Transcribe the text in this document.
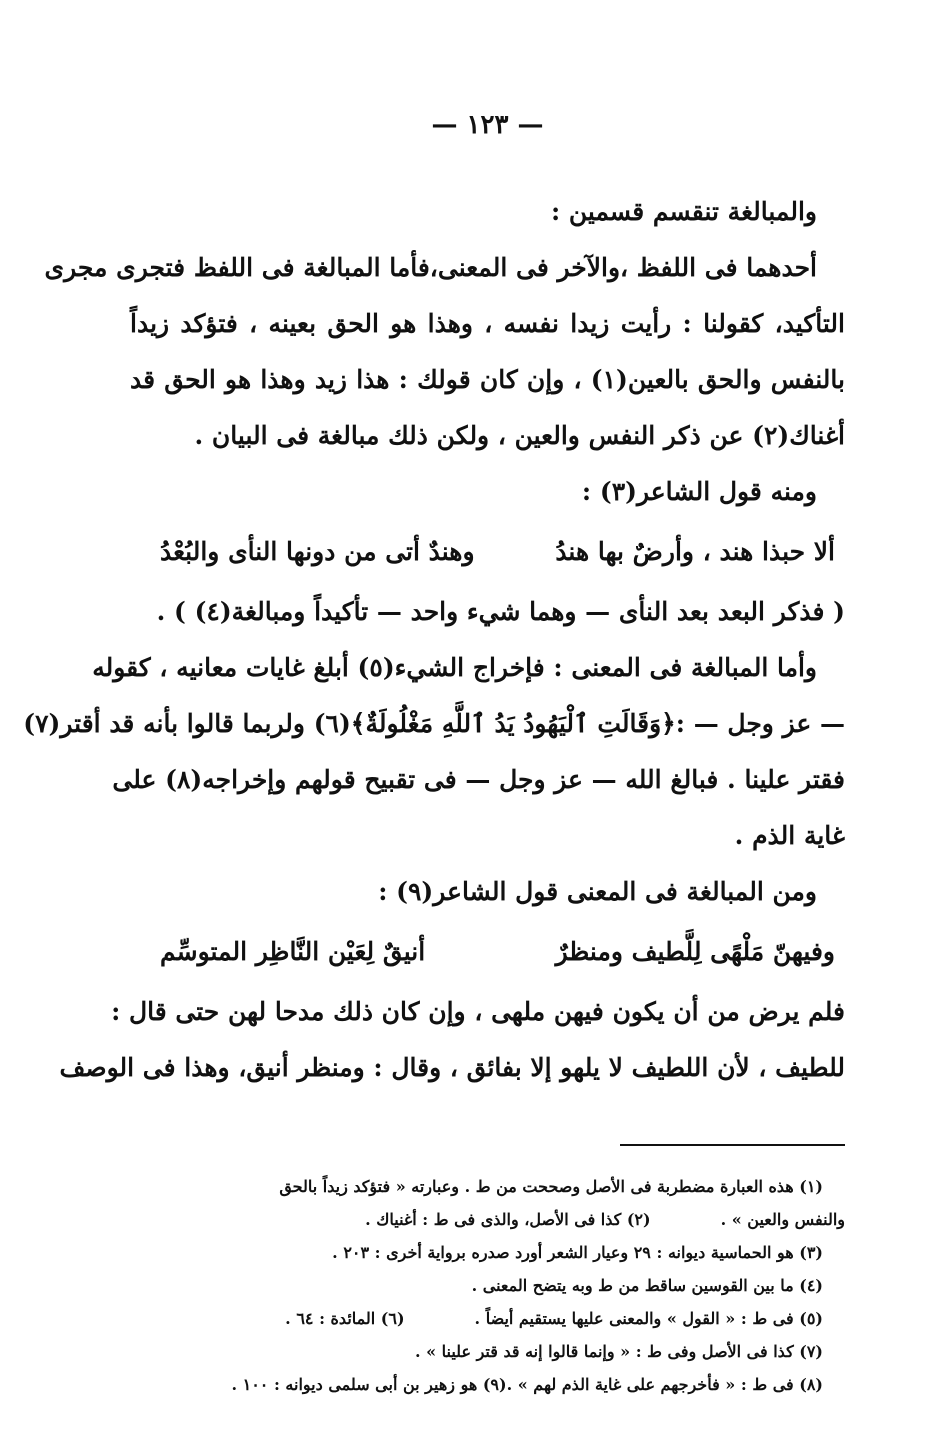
— ١٢٣ —
والمبالغة تنقسم قسمين :
أحدهما فى اللفظ ،والآخر فى المعنى،فأما المبالغة فى اللفظ فتجرى مجرى
التأكيد، كقولنا : رأيت زيدا نفسه ، وهذا هو الحق بعينه ، فتؤكد زيداً
بالنفس والحق بالعين(١) ، وإن كان قولك : هذا زيد وهذا هو الحق قد
أغناك(٢) عن ذكر النفس والعين ، ولكن ذلك مبالغة فى البيان .
ومنه قول الشاعر(٣) :
ألا حبذا هند ، وأرضٌ بها هندُ
وهندٌ أتى من دونها النأى والبُعْدُ
( فذكر البعد بعد النأى — وهما شيء واحد — تأكيداً ومبالغة(٤) ) .
وأما المبالغة فى المعنى : فإخراج الشيء(٥) أبلغ غايات معانيه ، كقوله
— عز وجل — :﴿وَقَالَتِ ٱلْيَهُودُ يَدُ ٱللَّهِ مَغْلُولَةٌ﴾(٦) ولربما قالوا بأنه قد أقتر(٧)
فقتر علينا . فبالغ الله — عز وجل — فى تقبيح قولهم وإخراجه(٨) على
غاية الذم .
ومن المبالغة فى المعنى قول الشاعر(٩) :
وفيهنّ مَلْهًى لِلَّطيف ومنظرٌ
أنيقٌ لِعَيْن النَّاظِر المتوسِّم
فلم يرض من أن يكون فيهن ملهى ، وإن كان ذلك مدحا لهن حتى قال :
للطيف ، لأن اللطيف لا يلهو إلا بفائق ، وقال : ومنظر أنيق، وهذا فى الوصف
(١) هذه العبارة مضطربة فى الأصل وصححت من ط . وعبارته « فتؤكد زيداً بالحق
والنفس والعين » .
(٢) كذا فى الأصل، والذى فى ط : أغنياك .
(٣) هو الحماسية ديوانه : ٢٩ وعيار الشعر أورد صدره برواية أخرى : ٢٠٣ .
(٤) ما بين القوسين ساقط من ط وبه يتضح المعنى .
(٥) فى ط : « القول » والمعنى عليها يستقيم أيضاً .
(٦) المائدة : ٦٤ .
(٧) كذا فى الأصل وفى ط : « وإنما قالوا إنه قد قتر علينا » .
(٨) فى ط : « فأخرجهم على غاية الذم لهم » .(٩) هو زهير بن أبى سلمى ديوانه : ١٠٠ .
